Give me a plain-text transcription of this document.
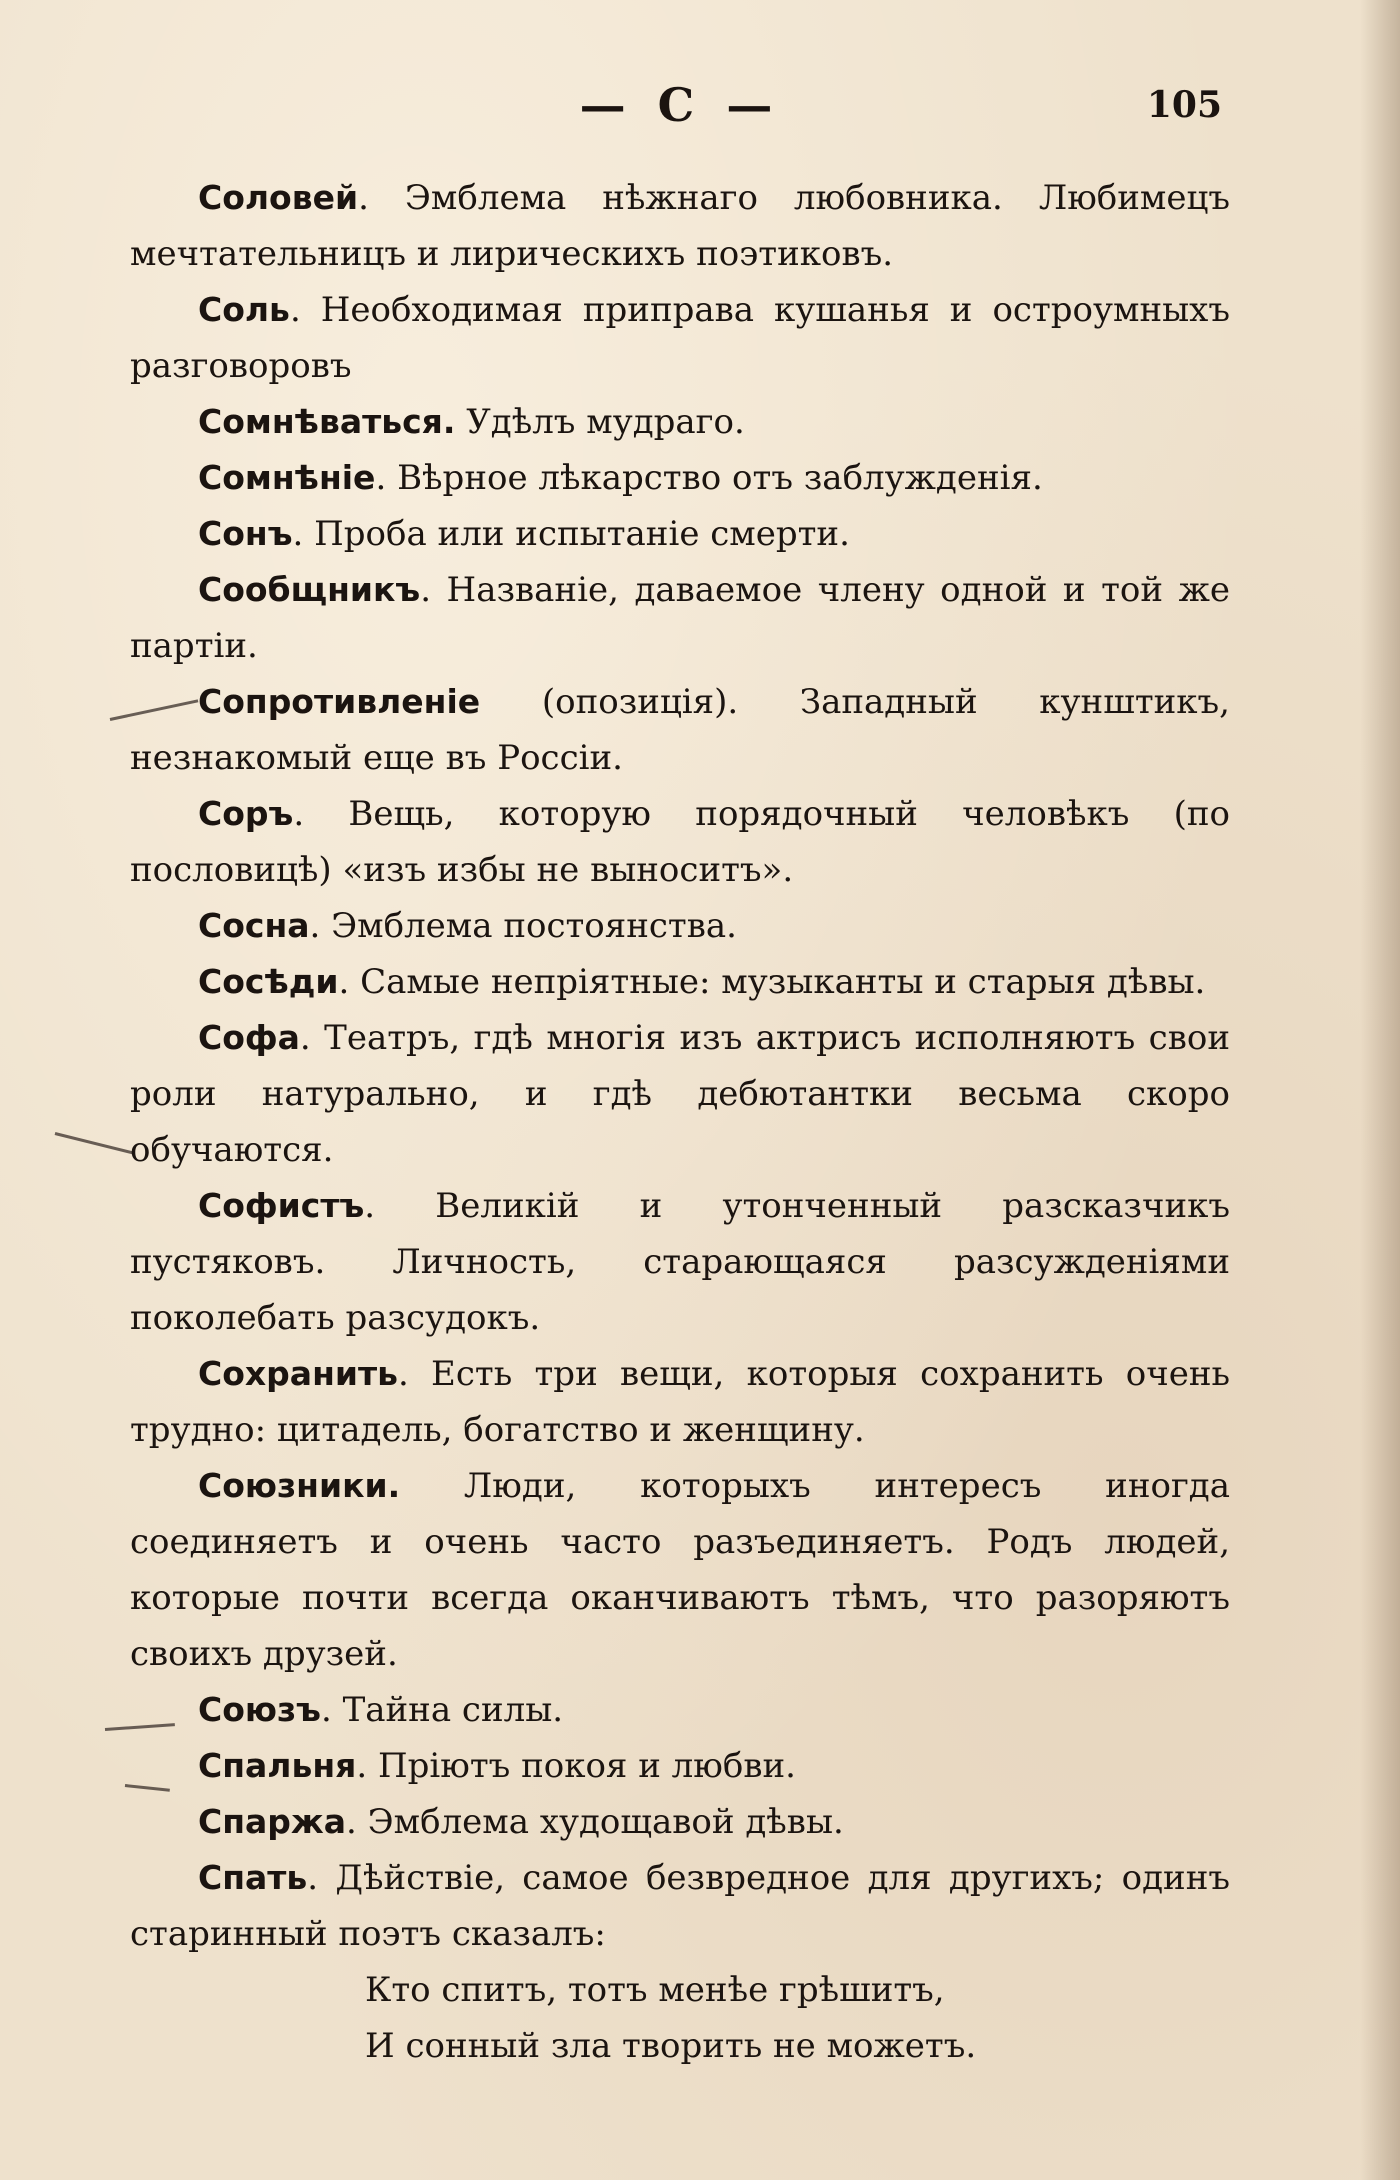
— С —	105

Соловей. Эмблема нѣжнаго любовника. Любимецъ мечтательницъ и лирическихъ поэтиковъ.

Соль. Необходимая приправа кушанья и остроумныхъ разговоровъ

Сомнѣваться. Удѣлъ мудраго.

Сомнѣніе. Вѣрное лѣкарство отъ заблужденія.

Сонъ. Проба или испытаніе смерти.

Сообщникъ. Названіе, даваемое члену одной и той же партіи.

Сопротивленіе (опозиція). Западный кунштикъ, незнакомый еще въ Россіи.

Соръ. Вещь, которую порядочный человѣкъ (по пословицѣ) «изъ избы не выноситъ».

Сосна. Эмблема постоянства.

Сосѣди. Самые непріятные: музыканты и старыя дѣвы.

Софа. Театръ, гдѣ многія изъ актрисъ исполняютъ свои роли натурально, и гдѣ дебютантки весьма скоро обучаются.

Софистъ. Великій и утонченный разсказчикъ пустяковъ. Личность, старающаяся разсужденіями поколебать разсудокъ.

Сохранить. Есть три вещи, которыя сохранить очень трудно: цитадель, богатство и женщину.

Союзники. Люди, которыхъ интересъ иногда соединяетъ и очень часто разъединяетъ. Родъ людей, которые почти всегда оканчиваютъ тѣмъ, что разоряютъ своихъ друзей.

Союзъ. Тайна силы.

Спальня. Пріютъ покоя и любви.

Спаржа. Эмблема худощавой дѣвы.

Спать. Дѣйствіе, самое безвредное для другихъ; одинъ старинный поэтъ сказалъ:

Кто спитъ, тотъ менѣе грѣшитъ,

И сонный зла творить не можетъ.
